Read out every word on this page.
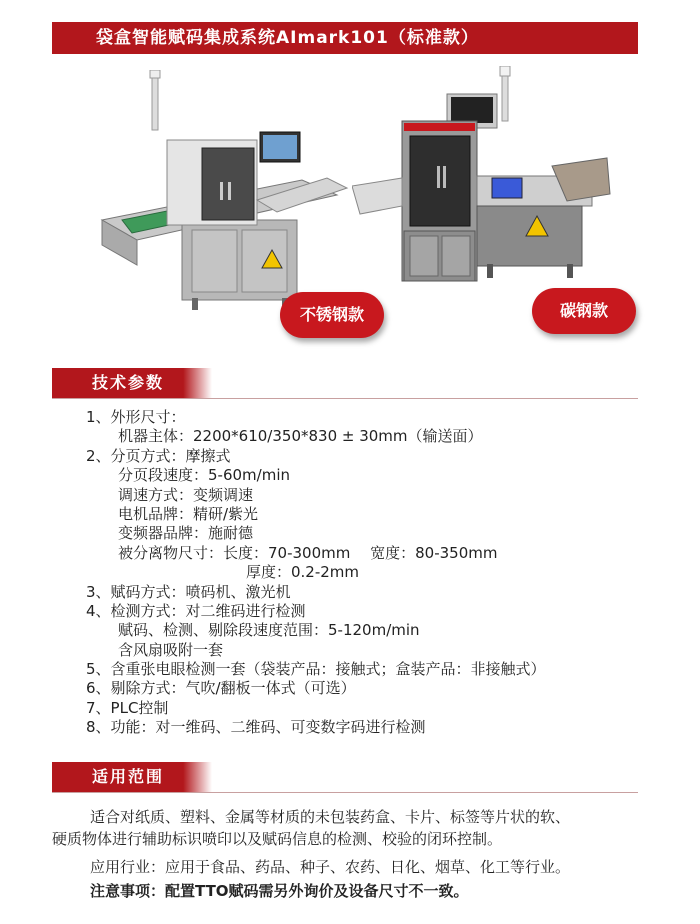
袋盒智能赋码集成系统AImark101（标准款）
不锈钢款	碳钢款
技术参数
1、外形尺寸：
机器主体：2200*610/350*830 ± 30mm（输送面）
2、分页方式：摩擦式
分页段速度：5-60m/min
调速方式：变频调速
电机品牌：精研/紫光
变频器品牌：施耐德
被分离物尺寸：长度：70-300mm　 宽度：80-350mm
厚度：0.2-2mm
3、赋码方式：喷码机、激光机
4、检测方式：对二维码进行检测
赋码、检测、剔除段速度范围：5-120m/min
含风扇吸附一套
5、含重张电眼检测一套（袋装产品：接触式；盒装产品：非接触式）
6、剔除方式：气吹/翻板一体式（可选）
7、PLC控制
8、功能：对一维码、二维码、可变数字码进行检测
适用范围
适合对纸质、塑料、金属等材质的未包装药盒、卡片、标签等片状的软、
硬质物体进行辅助标识喷印以及赋码信息的检测、校验的闭环控制。
应用行业：应用于食品、药品、种子、农药、日化、烟草、化工等行业。
注意事项：配置TTO赋码需另外询价及设备尺寸不一致。
